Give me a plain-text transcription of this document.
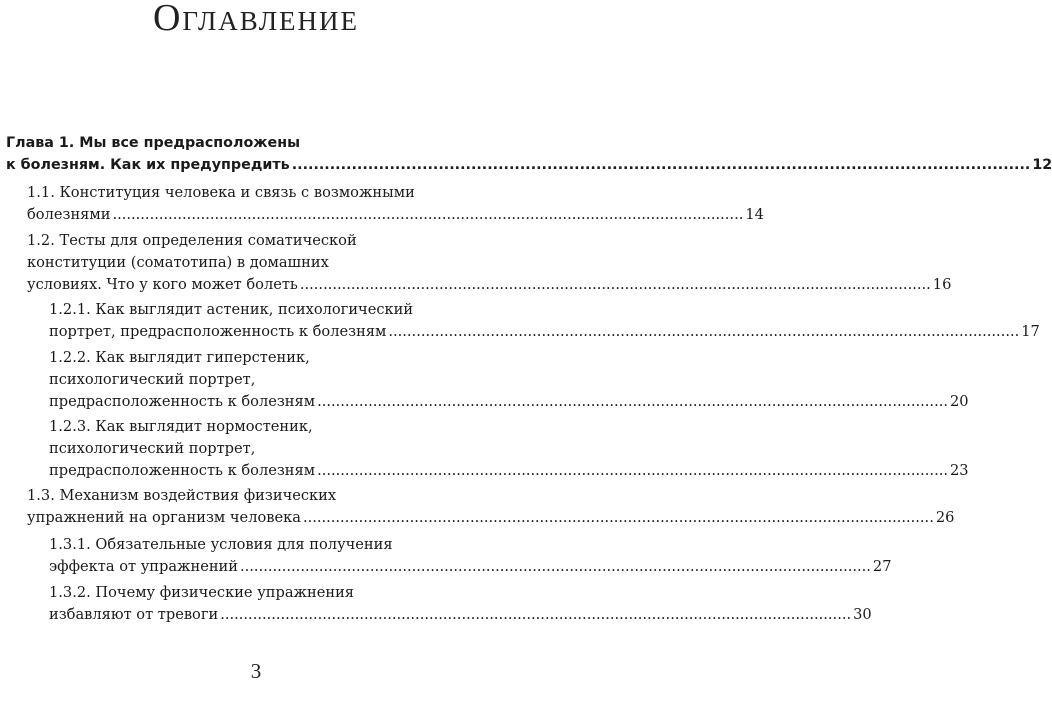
Оглавление
Глава 1. Мы все предрасположены
к болезням. Как их предупредить .....	12
1.1. Конституция человека и связь с возможными
болезнями .....	14
1.2. Тесты для определения соматической
конституции (соматотипа) в домашних
условиях. Что у кого может болеть .....	16
1.2.1. Как выглядит астеник, психологический
портрет, предрасположенность к болезням .....	17
1.2.2. Как выглядит гиперстеник,
психологический портрет,
предрасположенность к болезням .....	20
1.2.3. Как выглядит нормостеник,
психологический портрет,
предрасположенность к болезням .....	23
1.3. Механизм воздействия физических
упражнений на организм человека .....	26
1.3.1. Обязательные условия для получения
эффекта от упражнений .....	27
1.3.2. Почему физические упражнения
избавляют от тревоги .....	30
3
